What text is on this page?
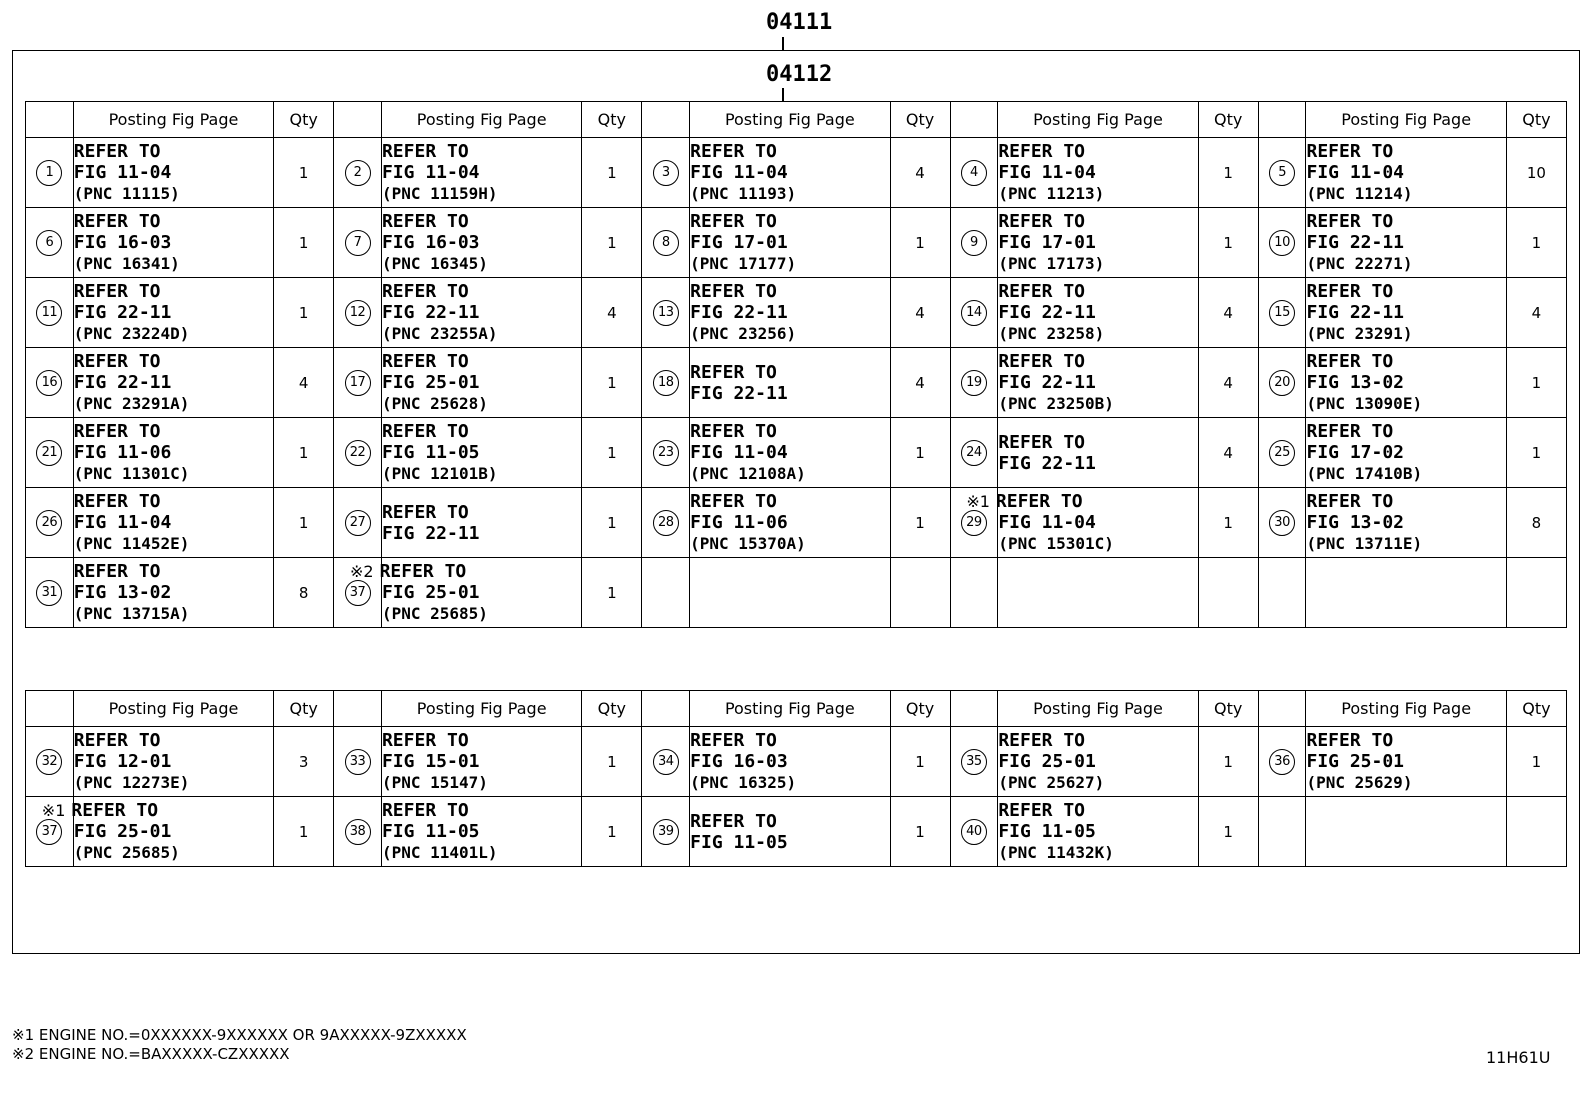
04111
04112
	Posting Fig Page	Qty		Posting Fig Page	Qty		Posting Fig Page	Qty		Posting Fig Page	Qty		Posting Fig Page	Qty
1	REFER TO
FIG 11-04
(PNC 11115)	1	2	REFER TO
FIG 11-04
(PNC 11159H)	1	3	REFER TO
FIG 11-04
(PNC 11193)	4	4	REFER TO
FIG 11-04
(PNC 11213)	1	5	REFER TO
FIG 11-04
(PNC 11214)	10
6	REFER TO
FIG 16-03
(PNC 16341)	1	7	REFER TO
FIG 16-03
(PNC 16345)	1	8	REFER TO
FIG 17-01
(PNC 17177)	1	9	REFER TO
FIG 17-01
(PNC 17173)	1	10	REFER TO
FIG 22-11
(PNC 22271)	1
11	REFER TO
FIG 22-11
(PNC 23224D)	1	12	REFER TO
FIG 22-11
(PNC 23255A)	4	13	REFER TO
FIG 22-11
(PNC 23256)	4	14	REFER TO
FIG 22-11
(PNC 23258)	4	15	REFER TO
FIG 22-11
(PNC 23291)	4
16	REFER TO
FIG 22-11
(PNC 23291A)	4	17	REFER TO
FIG 25-01
(PNC 25628)	1	18	REFER TO
FIG 22-11	4	19	REFER TO
FIG 22-11
(PNC 23250B)	4	20	REFER TO
FIG 13-02
(PNC 13090E)	1
21	REFER TO
FIG 11-06
(PNC 11301C)	1	22	REFER TO
FIG 11-05
(PNC 12101B)	1	23	REFER TO
FIG 11-04
(PNC 12108A)	1	24	REFER TO
FIG 22-11	4	25	REFER TO
FIG 17-02
(PNC 17410B)	1
26	REFER TO
FIG 11-04
(PNC 11452E)	1	27	REFER TO
FIG 22-11	1	28	REFER TO
FIG 11-06
(PNC 15370A)	1	29	※1 REFER TO
FIG 11-04
(PNC 15301C)	1	30	REFER TO
FIG 13-02
(PNC 13711E)	8
31	REFER TO
FIG 13-02
(PNC 13715A)	8	37	※2 REFER TO
FIG 25-01
(PNC 25685)	1									
	Posting Fig Page	Qty		Posting Fig Page	Qty		Posting Fig Page	Qty		Posting Fig Page	Qty		Posting Fig Page	Qty
32	REFER TO
FIG 12-01
(PNC 12273E)	3	33	REFER TO
FIG 15-01
(PNC 15147)	1	34	REFER TO
FIG 16-03
(PNC 16325)	1	35	REFER TO
FIG 25-01
(PNC 25627)	1	36	REFER TO
FIG 25-01
(PNC 25629)	1
37	※1 REFER TO
FIG 25-01
(PNC 25685)	1	38	REFER TO
FIG 11-05
(PNC 11401L)	1	39	REFER TO
FIG 11-05	1	40	REFER TO
FIG 11-05
(PNC 11432K)	1			
※1 ENGINE NO.=0XXXXXX-9XXXXXX OR 9AXXXXX-9ZXXXXX
※2 ENGINE NO.=BAXXXXX-CZXXXXX	11H61U
